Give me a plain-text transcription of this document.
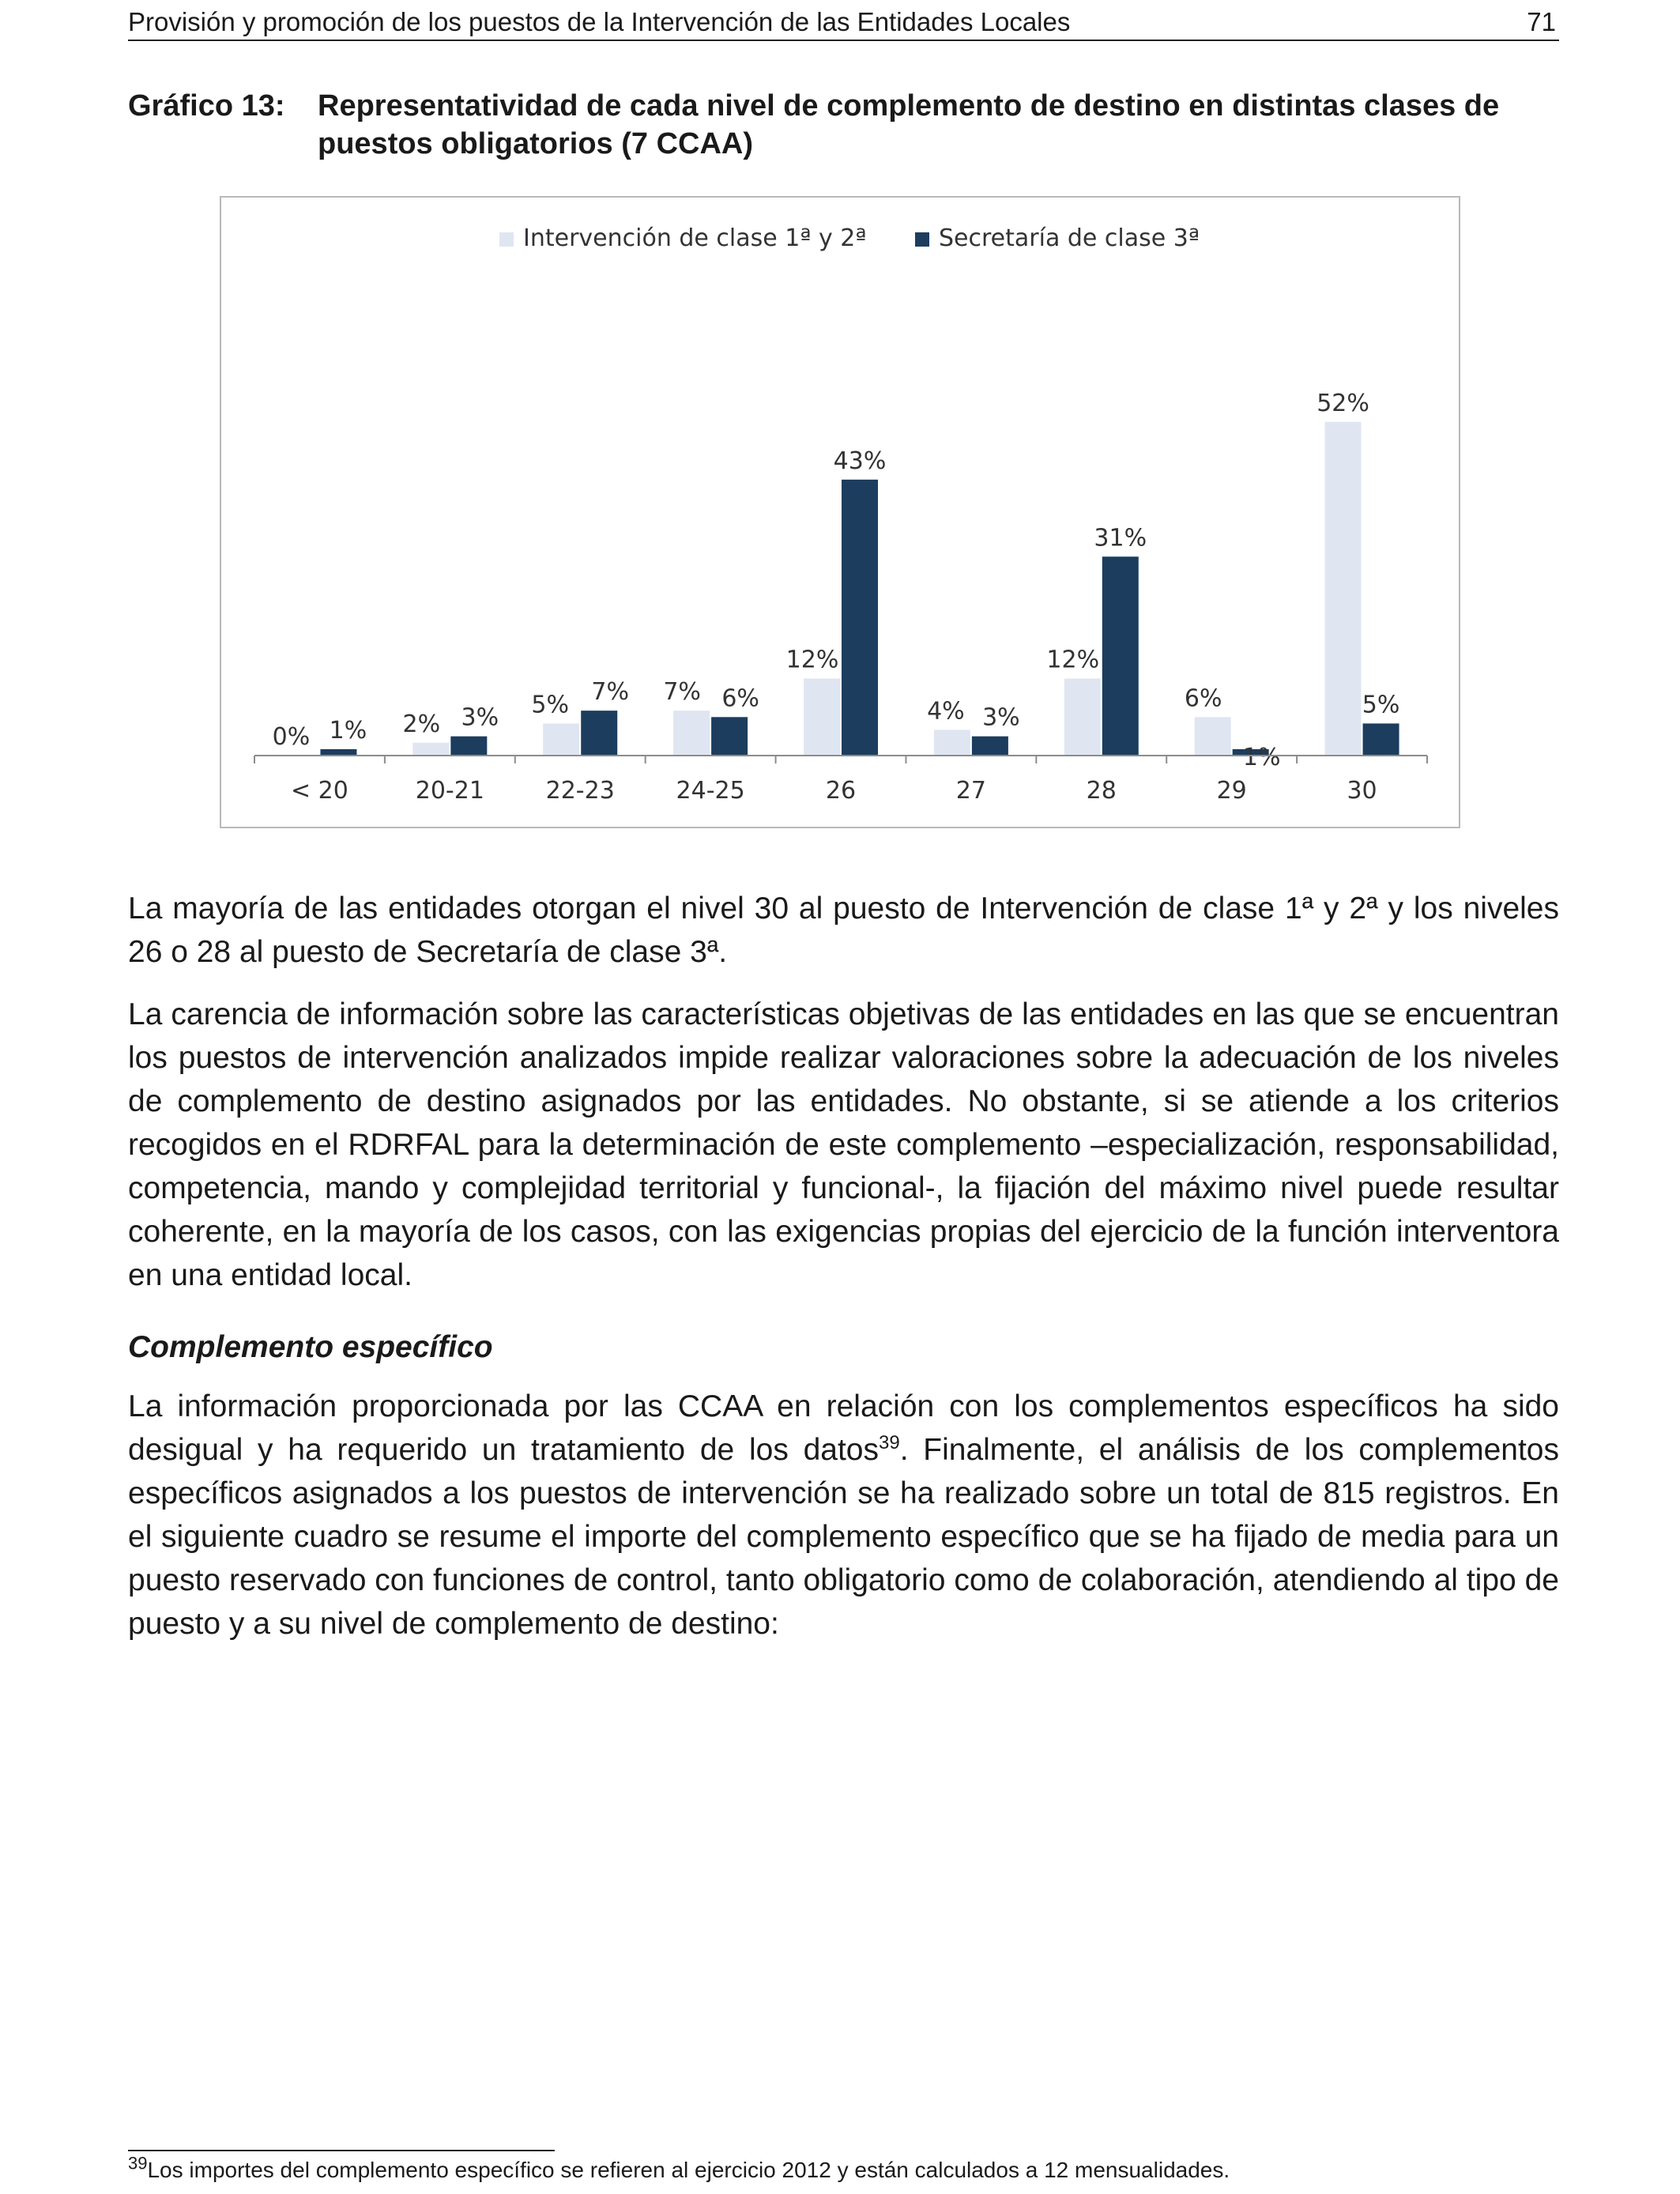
Provisión y promoción de los puestos de la Intervención de las Entidades Locales	71
Gráfico 13: Representatividad de cada nivel de complemento de destino en distintas clases de puestos obligatorios (7 CCAA)
Intervención de clase 1ª y 2ª	Secretaría de clase 3ª
0% 1% 2% 3% 5% 7% 7% 6%
12%
43%
4% 3%
12%
31%
6%
1%
52%
5%
< 20	20-21	22-23	24-25	26	27	28	29	30

La mayoría de las entidades otorgan el nivel 30 al puesto de Intervención de clase 1ª y 2ª y los niveles 26 o 28 al puesto de Secretaría de clase 3ª.

La carencia de información sobre las características objetivas de las entidades en las que se encuentran los puestos de intervención analizados impide realizar valoraciones sobre la adecuación de los niveles de complemento de destino asignados por las entidades. No obstante, si se atiende a los criterios recogidos en el RDRFAL para la determinación de este complemento –especialización, responsabilidad, competencia, mando y complejidad territorial y funcional-, la fijación del máximo nivel puede resultar coherente, en la mayoría de los casos, con las exigencias propias del ejercicio de la función interventora en una entidad local.

Complemento específico

La información proporcionada por las CCAA en relación con los complementos específicos ha sido desigual y ha requerido un tratamiento de los datos$^{39}$. Finalmente, el análisis de los complementos específicos asignados a los puestos de intervención se ha realizado sobre un total de 815 registros. En el siguiente cuadro se resume el importe del complemento específico que se ha fijado de media para un puesto reservado con funciones de control, tanto obligatorio como de colaboración, atendiendo al tipo de puesto y a su nivel de complemento de destino:

$^{39}$Los importes del complemento específico se refieren al ejercicio 2012 y están calculados a 12 mensualidades.
